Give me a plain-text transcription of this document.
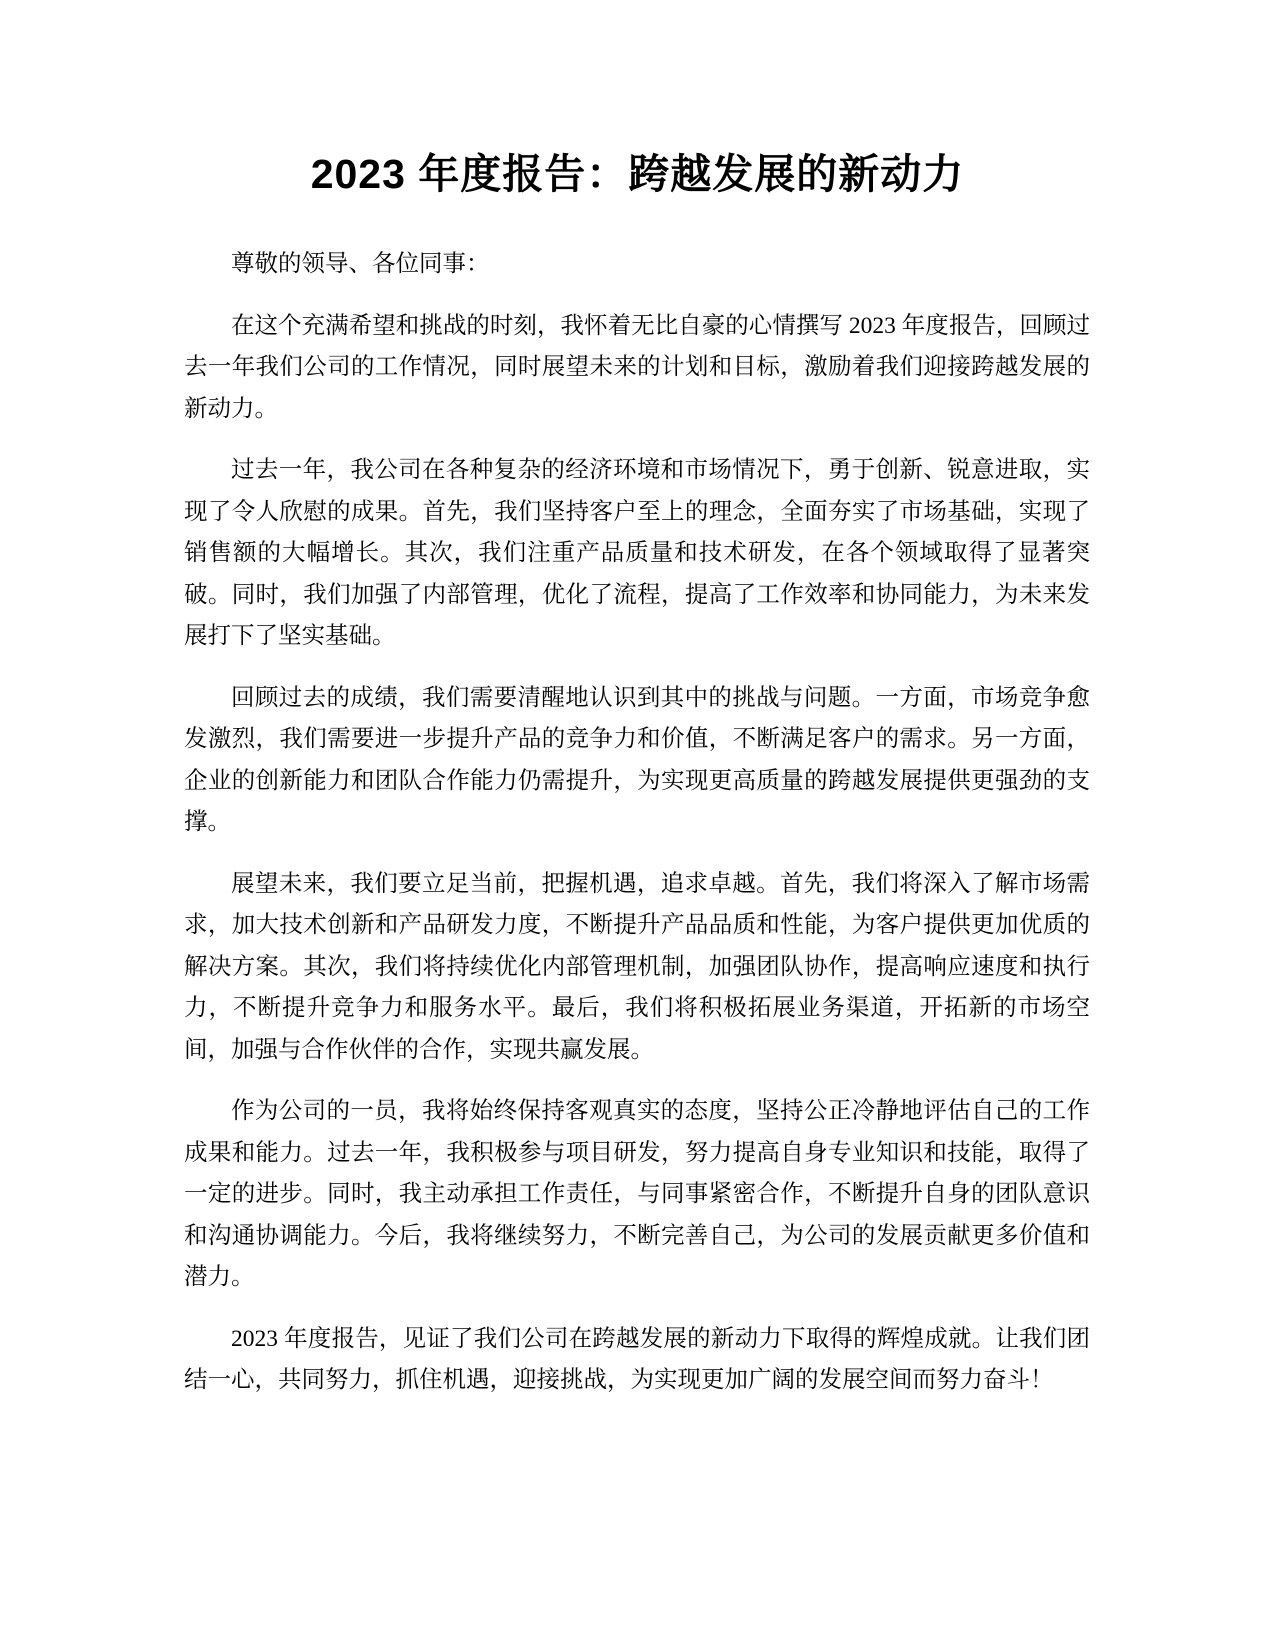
2023 年度报告：跨越发展的新动力

尊敬的领导、各位同事：

在这个充满希望和挑战的时刻，我怀着无比自豪的心情撰写 2023 年度报告，回顾过去一年我们公司的工作情况，同时展望未来的计划和目标，激励着我们迎接跨越发展的新动力。

过去一年，我公司在各种复杂的经济环境和市场情况下，勇于创新、锐意进取，实现了令人欣慰的成果。首先，我们坚持客户至上的理念，全面夯实了市场基础，实现了销售额的大幅增长。其次，我们注重产品质量和技术研发，在各个领域取得了显著突破。同时，我们加强了内部管理，优化了流程，提高了工作效率和协同能力，为未来发展打下了坚实基础。

回顾过去的成绩，我们需要清醒地认识到其中的挑战与问题。一方面，市场竞争愈发激烈，我们需要进一步提升产品的竞争力和价值，不断满足客户的需求。另一方面，企业的创新能力和团队合作能力仍需提升，为实现更高质量的跨越发展提供更强劲的支撑。

展望未来，我们要立足当前，把握机遇，追求卓越。首先，我们将深入了解市场需求，加大技术创新和产品研发力度，不断提升产品品质和性能，为客户提供更加优质的解决方案。其次，我们将持续优化内部管理机制，加强团队协作，提高响应速度和执行力，不断提升竞争力和服务水平。最后，我们将积极拓展业务渠道，开拓新的市场空间，加强与合作伙伴的合作，实现共赢发展。

作为公司的一员，我将始终保持客观真实的态度，坚持公正冷静地评估自己的工作成果和能力。过去一年，我积极参与项目研发，努力提高自身专业知识和技能，取得了一定的进步。同时，我主动承担工作责任，与同事紧密合作，不断提升自身的团队意识和沟通协调能力。今后，我将继续努力，不断完善自己，为公司的发展贡献更多价值和潜力。

2023 年度报告，见证了我们公司在跨越发展的新动力下取得的辉煌成就。让我们团结一心，共同努力，抓住机遇，迎接挑战，为实现更加广阔的发展空间而努力奋斗！
